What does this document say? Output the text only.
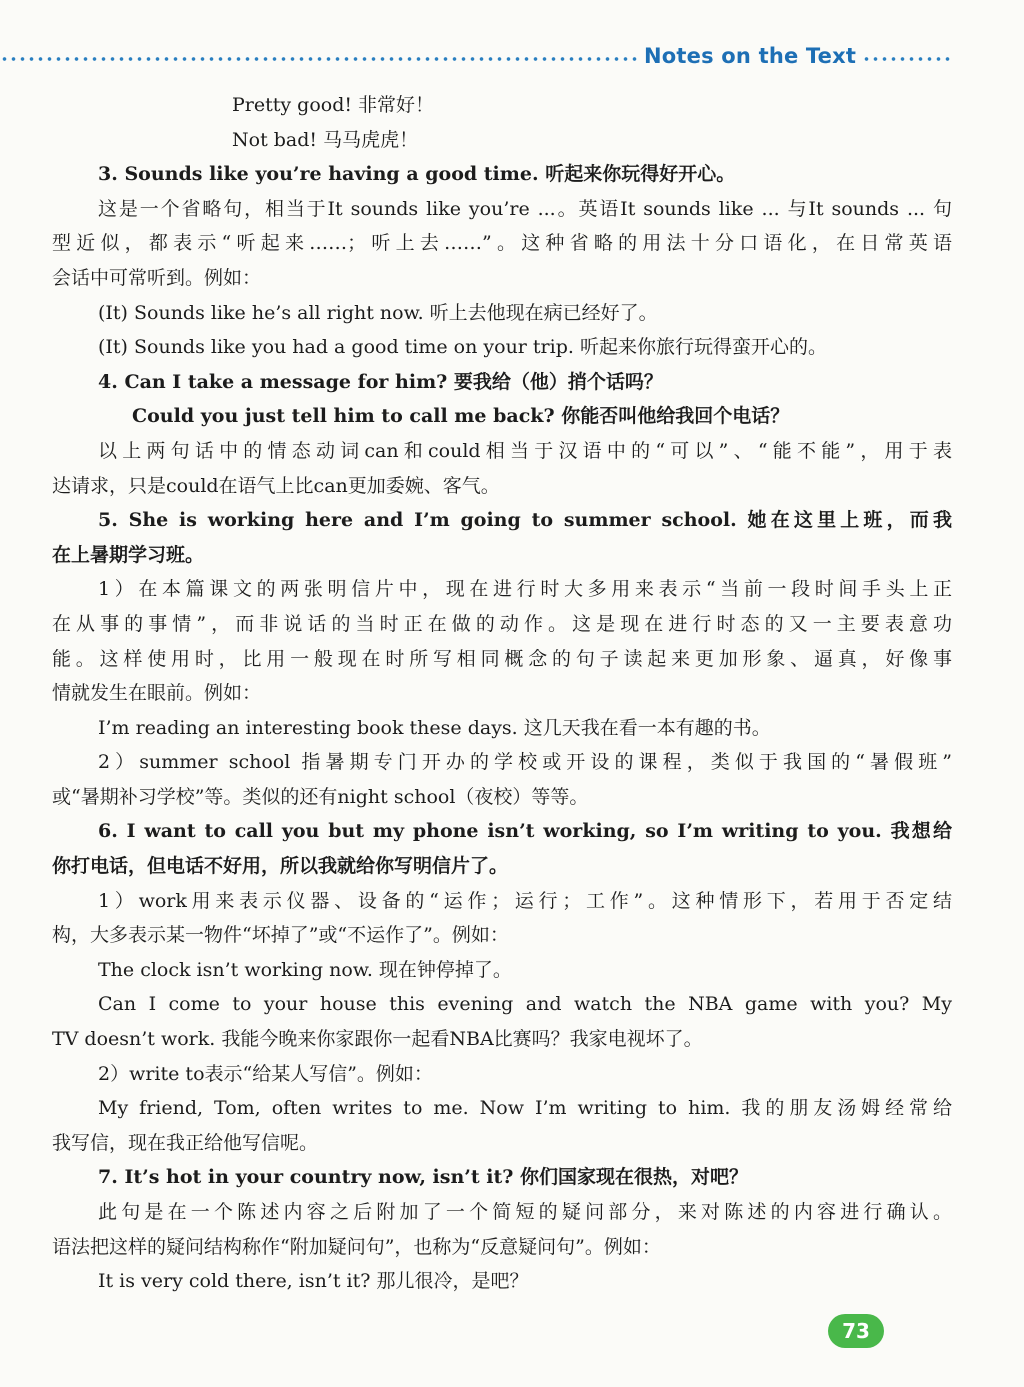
Notes on the Text
Pretty good! 非常好！
Not bad! 马马虎虎！
3. Sounds like you’re having a good time. 听起来你玩得好开心。
这是一个省略句，相当于It sounds like you’re ...。英语It sounds like ... 与It sounds ... 句
型近似，都表示“听起来……；听上去……”。这种省略的用法十分口语化，在日常英语
会话中可常听到。例如：
(It) Sounds like he’s all right now. 听上去他现在病已经好了。
(It) Sounds like you had a good time on your trip. 听起来你旅行玩得蛮开心的。
4. Can I take a message for him? 要我给（他）捎个话吗？
Could you just tell him to call me back? 你能否叫他给我回个电话？
以上两句话中的情态动词can和could相当于汉语中的“可以”、“能不能”，用于表
达请求，只是could在语气上比can更加委婉、客气。
5. She is working here and I’m going to summer school. 她在这里上班，而我
在上暑期学习班。
1）在本篇课文的两张明信片中，现在进行时大多用来表示“当前一段时间手头上正
在从事的事情”，而非说话的当时正在做的动作。这是现在进行时态的又一主要表意功
能。这样使用时，比用一般现在时所写相同概念的句子读起来更加形象、逼真，好像事
情就发生在眼前。例如：
I’m reading an interesting book these days. 这几天我在看一本有趣的书。
2）summer school 指暑期专门开办的学校或开设的课程，类似于我国的“暑假班”
或“暑期补习学校”等。类似的还有night school（夜校）等等。
6. I want to call you but my phone isn’t working, so I’m writing to you. 我想给
你打电话，但电话不好用，所以我就给你写明信片了。
1）work用来表示仪器、设备的“运作；运行；工作”。这种情形下，若用于否定结
构，大多表示某一物件“坏掉了”或“不运作了”。例如：
The clock isn’t working now. 现在钟停掉了。
Can I come to your house this evening and watch the NBA game with you? My
TV doesn’t work. 我能今晚来你家跟你一起看NBA比赛吗？我家电视坏了。
2）write to表示“给某人写信”。例如：
My friend, Tom, often writes to me. Now I’m writing to him. 我的朋友汤姆经常给
我写信，现在我正给他写信呢。
7. It’s hot in your country now, isn’t it? 你们国家现在很热，对吧？
此句是在一个陈述内容之后附加了一个简短的疑问部分，来对陈述的内容进行确认。
语法把这样的疑问结构称作“附加疑问句”，也称为“反意疑问句”。例如：
It is very cold there, isn’t it? 那儿很冷，是吧？
73
